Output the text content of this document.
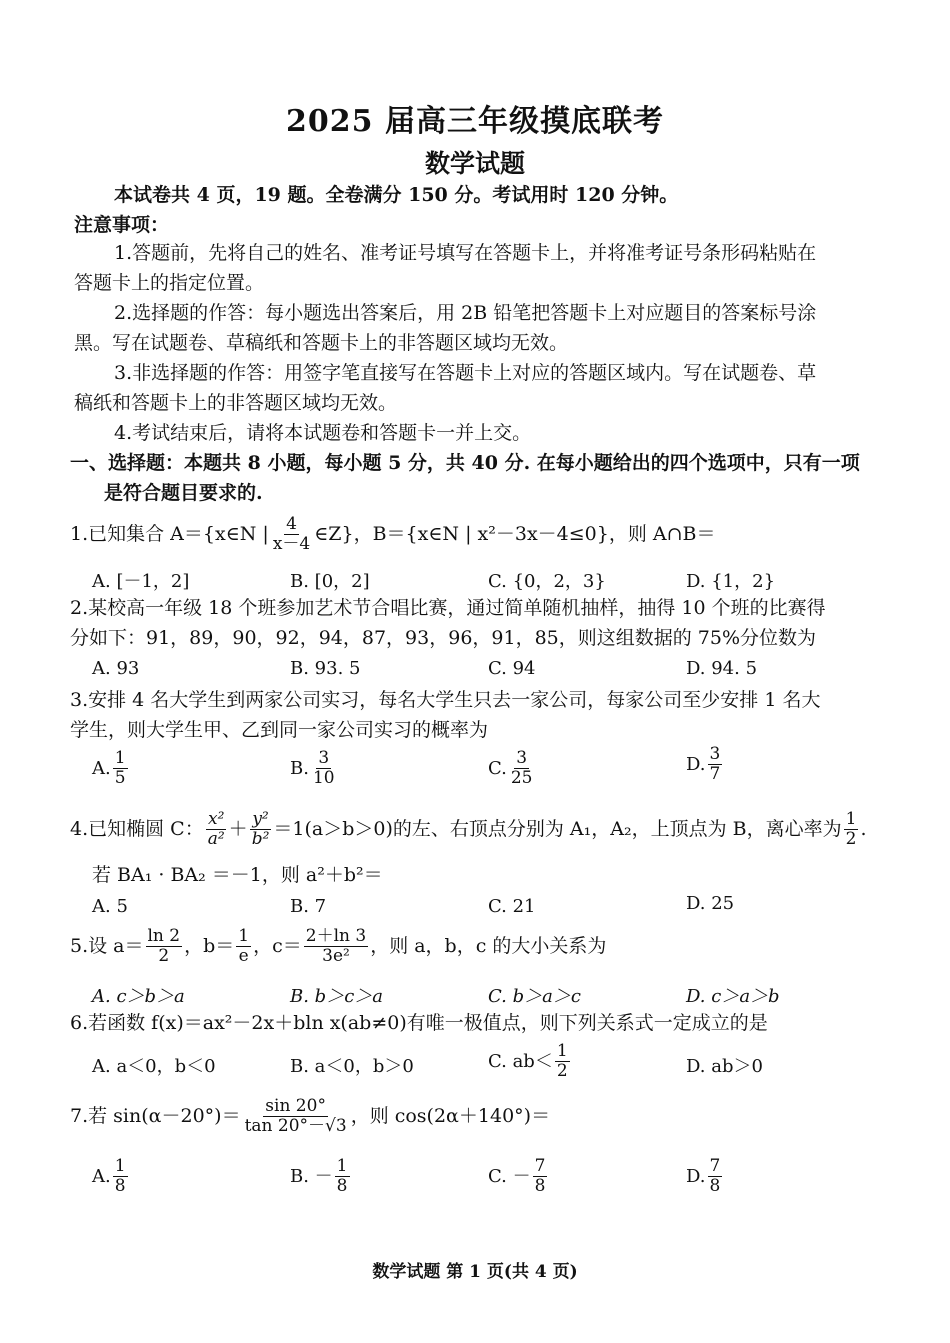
2025 届高三年级摸底联考
数学试题
本试卷共 4 页，19 题。全卷满分 150 分。考试用时 120 分钟。
注意事项：
1.答题前，先将自己的姓名、准考证号填写在答题卡上，并将准考证号条形码粘贴在
答题卡上的指定位置。
2.选择题的作答：每小题选出答案后，用 2B 铅笔把答题卡上对应题目的答案标号涂
黑。写在试题卷、草稿纸和答题卡上的非答题区域均无效。
3.非选择题的作答：用签字笔直接写在答题卡上对应的答题区域内。写在试题卷、草
稿纸和答题卡上的非答题区域均无效。
4.考试结束后，请将本试题卷和答题卡一并上交。
一、选择题：本题共 8 小题，每小题 5 分，共 40 分. 在每小题给出的四个选项中，只有一项
是符合题目要求的.
1.已知集合 A＝{x∈N | $\frac{4}{x-4}$ ∈Z}，B＝{x∈N | x²－3x－4≤0}，则 A∩B＝
A. [－1，2]	B. [0，2]	C. {0，2，3}	D. {1，2}
2.某校高一年级 18 个班参加艺术节合唱比赛，通过简单随机抽样，抽得 10 个班的比赛得
分如下：91，89，90，92，94，87，93，96，91，85，则这组数据的 75%分位数为
A. 93	B. 93. 5	C. 94	D. 94. 5
3.安排 4 名大学生到两家公司实习，每名大学生只去一家公司，每家公司至少安排 1 名大
学生，则大学生甲、乙到同一家公司实习的概率为
A. $\frac{1}{5}$	B. $\frac{3}{10}$	C. $\frac{3}{25}$	D. $\frac{3}{7}$
4.已知椭圆 C： $\frac{\text{x²}}{\text{a²}} + \frac{\text{y²}}{\text{b²}} =1(a>b>0)$的左、右顶点分别为 A₁，A₂，上顶点为 B，离心率为 $\frac{1}{2}$ .
若 BA₁ · BA₂ ＝－1，则 a²＋b²＝
A. 5	B. 7	C. 21	D. 25
5.设 $a= \frac{\ln 2}{2}$ ，$b= \frac{1}{e}$ ，$c= \frac{2+\ln 3}{\text{3e²}}$ ，则 a，b，c 的大小关系为
A. c＞b＞a	B. b＞c＞a	C. b＞a＞c	D. c＞a＞b
6.若函数 f(x)＝ax²－2x＋bln x(ab≠0)有唯一极值点，则下列关系式一定成立的是
A. a＜0，b＜0	B. a＜0，b＞0	C. $ab< \frac{1}{2}$	D. ab＞0
7.若 $\sin(\alpha-20^\circ)= \frac{\sin 20^\circ}{\tan 20^\circ-√3}$ ，则 cos(2α＋140°)＝
A. $\frac{1}{8}$	B. － $\frac{1}{8}$	C. － $\frac{7}{8}$	D. $\frac{7}{8}$
数学试题 第 1 页(共 4 页)
